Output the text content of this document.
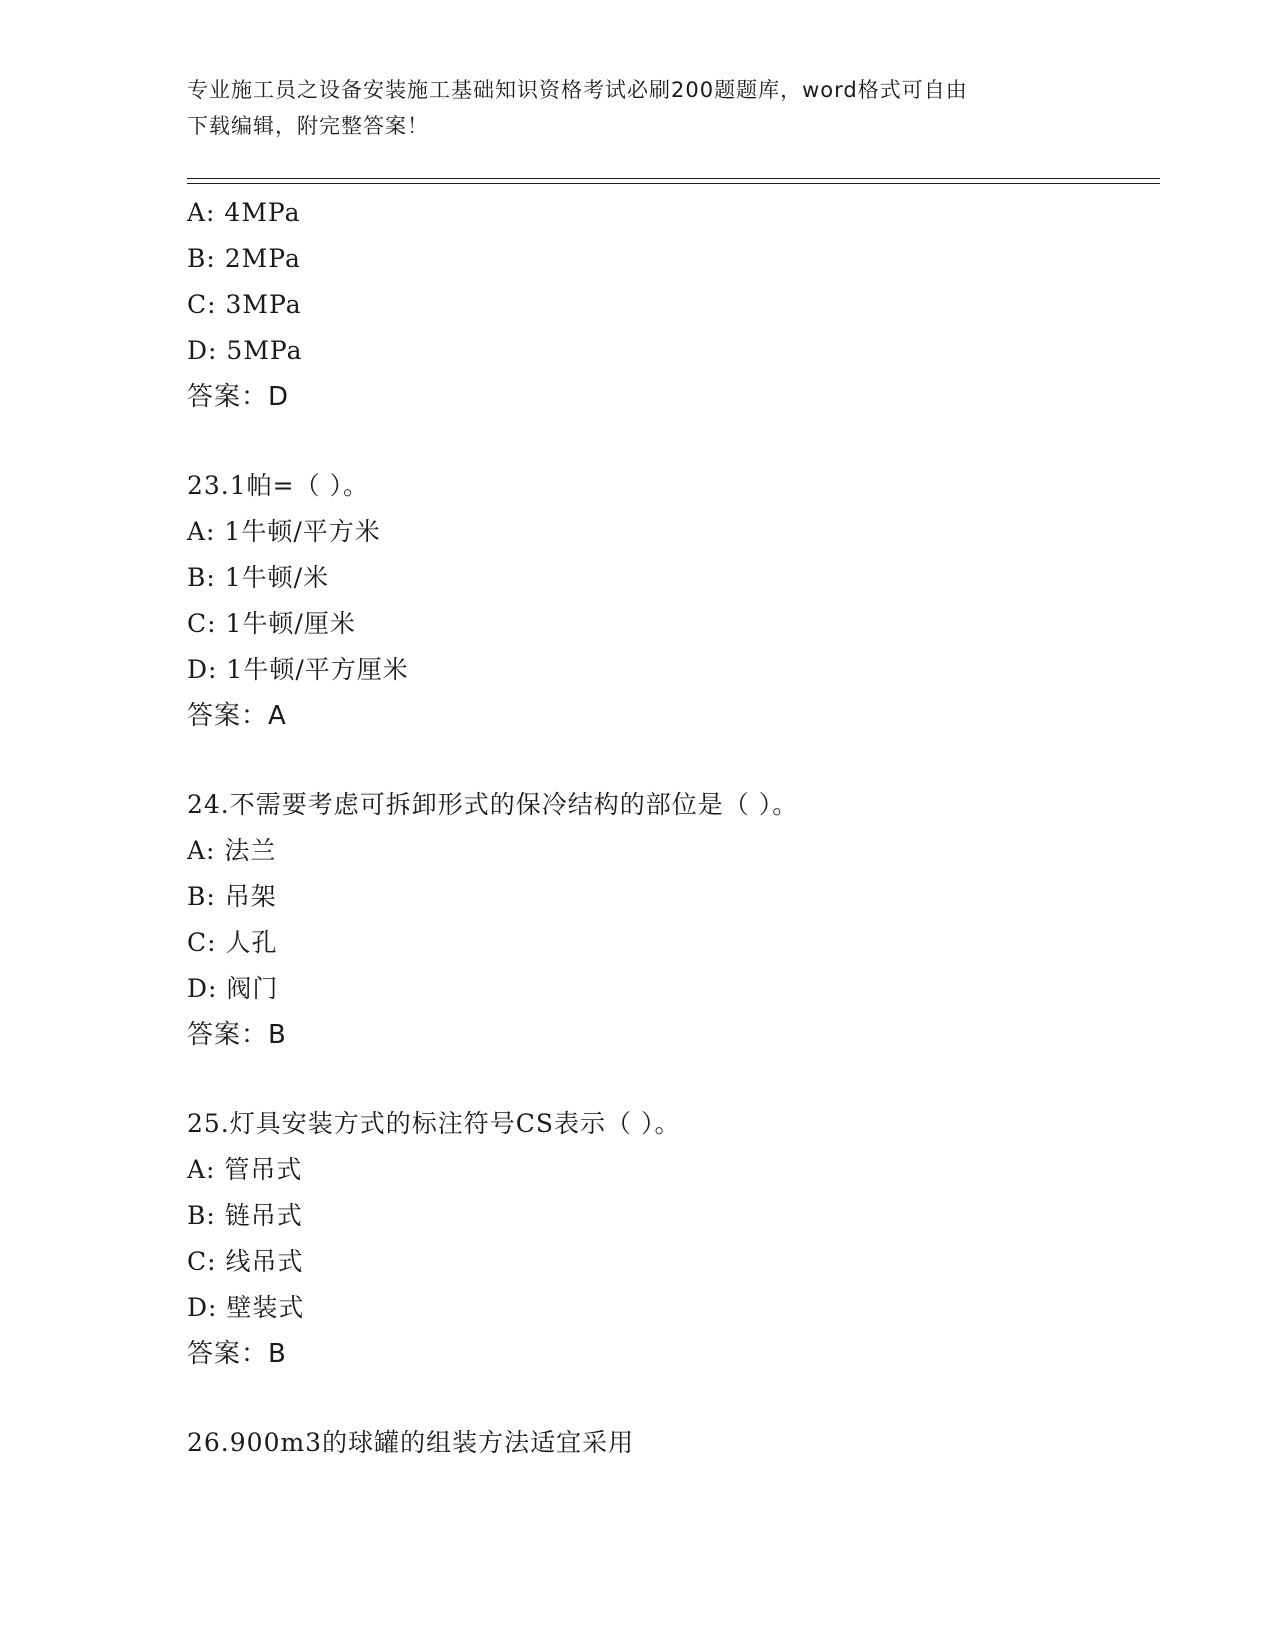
专业施工员之设备安装施工基础知识资格考试必刷200题题库，word格式可自由
下载编辑，附完整答案！
A: 4MPa
B: 2MPa
C: 3MPa
D: 5MPa
答案：D
23.1帕=（ ）。
A: 1牛顿/平方米
B: 1牛顿/米
C: 1牛顿/厘米
D: 1牛顿/平方厘米
答案：A
24.不需要考虑可拆卸形式的保冷结构的部位是（ ）。
A: 法兰
B: 吊架
C: 人孔
D: 阀门
答案：B
25.灯具安装方式的标注符号CS表示（ ）。
A: 管吊式
B: 链吊式
C: 线吊式
D: 壁装式
答案：B
26.900m3的球罐的组装方法适宜采用
